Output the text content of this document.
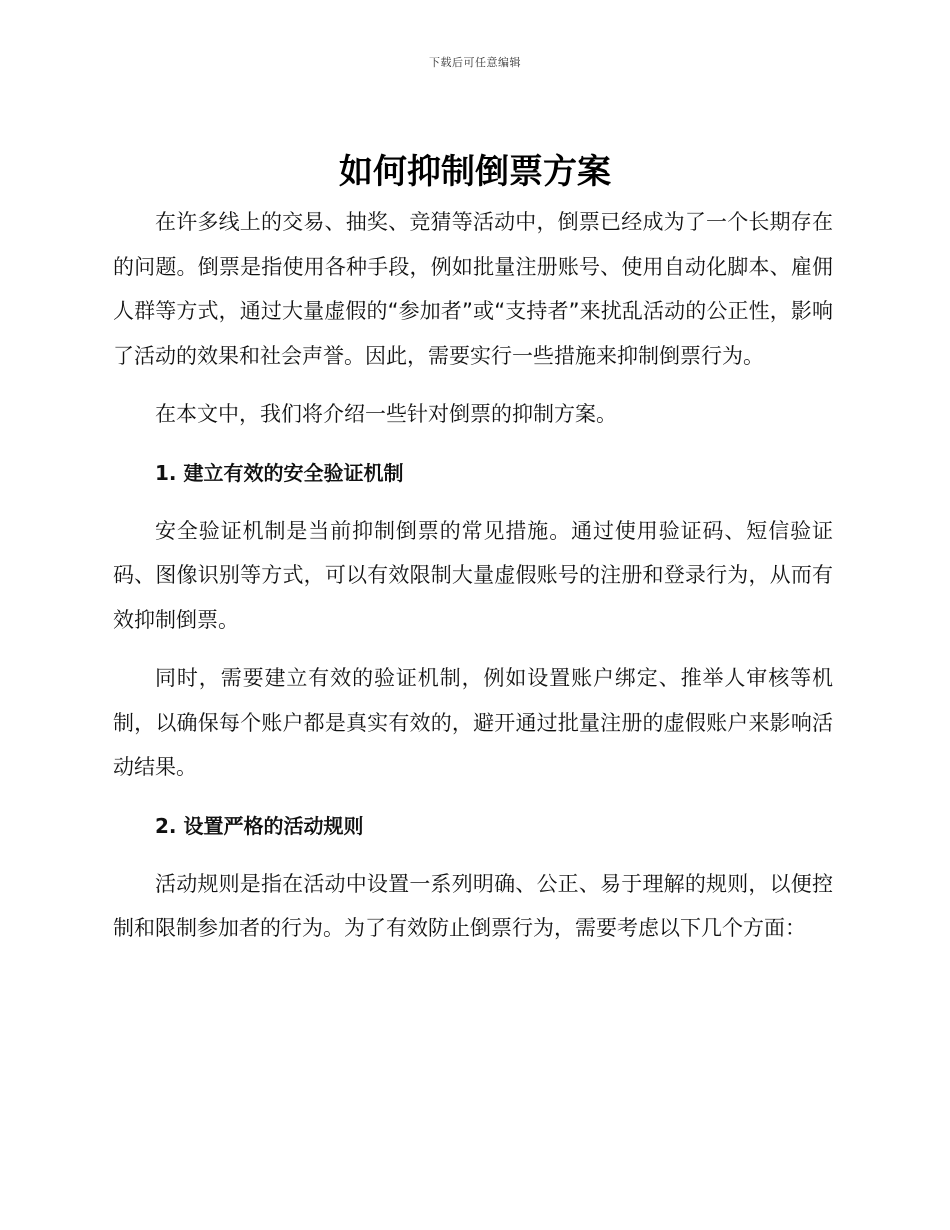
下载后可任意编辑
如何抑制倒票方案

在许多线上的交易、抽奖、竞猜等活动中，倒票已经成为了一个长期存在的问题。倒票是指使用各种手段，例如批量注册账号、使用自动化脚本、雇佣人群等方式，通过大量虚假的“参加者”或“支持者”来扰乱活动的公正性，影响了活动的效果和社会声誉。因此，需要实行一些措施来抑制倒票行为。

在本文中，我们将介绍一些针对倒票的抑制方案。

1. 建立有效的安全验证机制

安全验证机制是当前抑制倒票的常见措施。通过使用验证码、短信验证码、图像识别等方式，可以有效限制大量虚假账号的注册和登录行为，从而有效抑制倒票。

同时，需要建立有效的验证机制，例如设置账户绑定、推举人审核等机制，以确保每个账户都是真实有效的，避开通过批量注册的虚假账户来影响活动结果。

2. 设置严格的活动规则

活动规则是指在活动中设置一系列明确、公正、易于理解的规则，以便控制和限制参加者的行为。为了有效防止倒票行为，需要考虑以下几个方面：
